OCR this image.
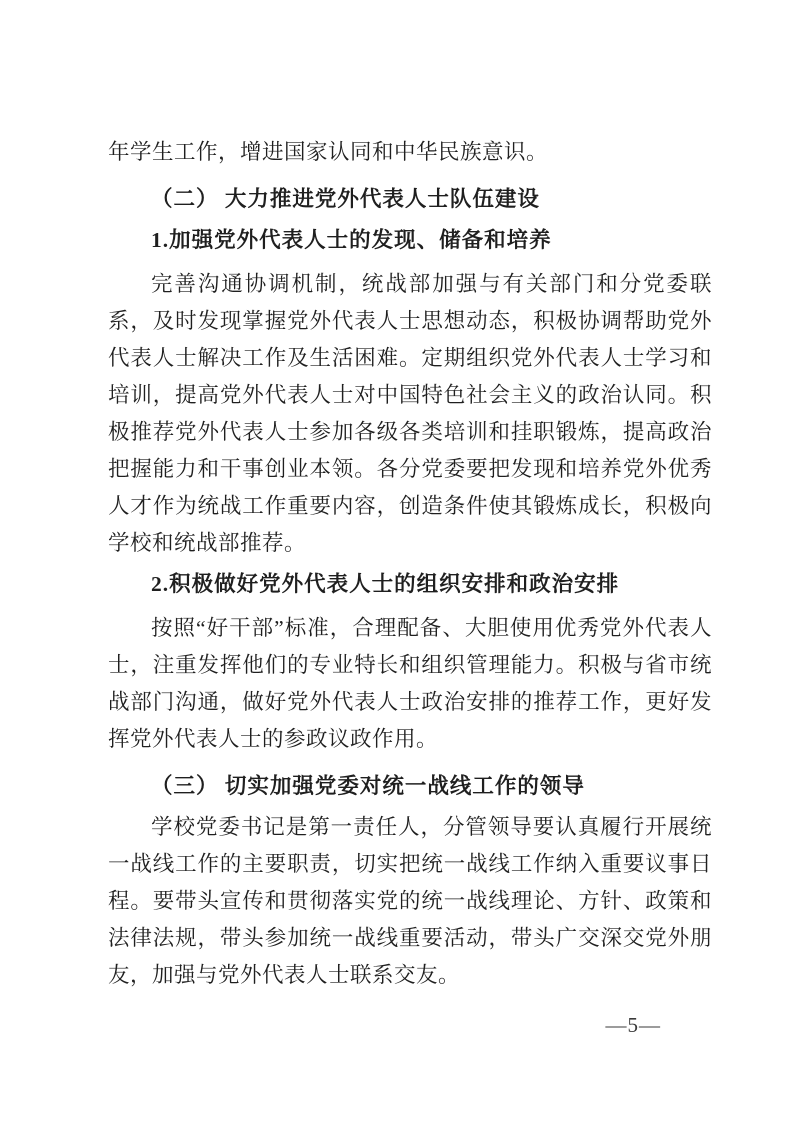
年学生工作，增进国家认同和中华民族意识。

（二） 大力推进党外代表人士队伍建设

1.加强党外代表人士的发现、储备和培养

完善沟通协调机制，统战部加强与有关部门和分党委联系，及时发现掌握党外代表人士思想动态，积极协调帮助党外代表人士解决工作及生活困难。定期组织党外代表人士学习和培训，提高党外代表人士对中国特色社会主义的政治认同。积极推荐党外代表人士参加各级各类培训和挂职锻炼，提高政治把握能力和干事创业本领。各分党委要把发现和培养党外优秀人才作为统战工作重要内容，创造条件使其锻炼成长，积极向学校和统战部推荐。

2.积极做好党外代表人士的组织安排和政治安排

按照“好干部”标准，合理配备、大胆使用优秀党外代表人士，注重发挥他们的专业特长和组织管理能力。积极与省市统战部门沟通，做好党外代表人士政治安排的推荐工作，更好发挥党外代表人士的参政议政作用。

（三） 切实加强党委对统一战线工作的领导

学校党委书记是第一责任人，分管领导要认真履行开展统一战线工作的主要职责，切实把统一战线工作纳入重要议事日程。要带头宣传和贯彻落实党的统一战线理论、方针、政策和法律法规，带头参加统一战线重要活动，带头广交深交党外朋友，加强与党外代表人士联系交友。

—5—
